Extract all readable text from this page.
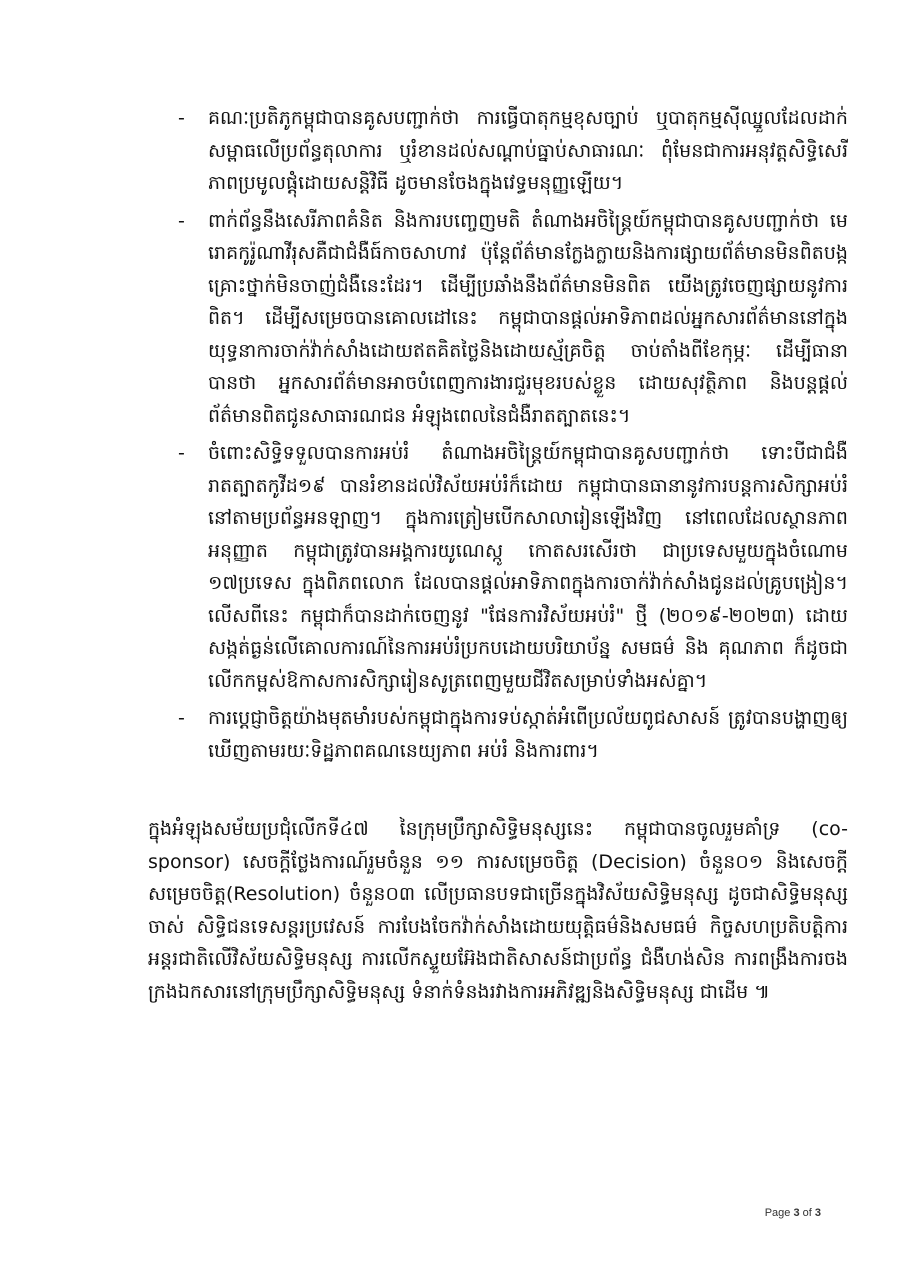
-	គណៈប្រតិភូកម្ពុជាបានគូសបញ្ជាក់ថា ការធ្វើបាតុកម្មខុសច្បាប់ ឬបាតុកម្មស៊ីឈ្នួលដែលដាក់សម្ពាធលើប្រព័ន្ធតុលាការ ឬរំខានដល់សណ្តាប់ធ្នាប់សាធារណៈ ពុំមែនជាការអនុវត្តសិទ្ធិសេរីភាពប្រមូលផ្តុំដោយសន្តិវិធី ដូចមានចែងក្នុងវេទ្ធមនុញ្ញឡើយ។
-	ពាក់ព័ន្ធនឹងសេរីភាពគំនិត និងការបញ្ចេញមតិ តំណាងអចិន្ត្រៃយ៍កម្ពុជាបានគូសបញ្ជាក់ថា មេរោគកូរ៉ូណាវីរុសគឺជាជំងឺធ៍កាចសាហាវ ប៉ុន្តែព័ត៌មានក្លែងក្លាយនិងការផ្សាយព័ត៌មានមិនពិតបង្កគ្រោះថ្នាក់មិនចាញ់ជំងឺនេះដែរ។ ដើម្បីប្រឆាំងនឹងព័ត៌មានមិនពិត យើងត្រូវចេញផ្សាយនូវការពិត។ ដើម្បីសម្រេចបានគោលដៅនេះ កម្ពុជាបានផ្តល់អាទិភាពដល់អ្នកសារព័ត៌មាននៅក្នុងយុទ្ធនាការចាក់វ៉ាក់សាំងដោយឥតគិតថ្លៃនិងដោយស្ម័គ្រចិត្ត ចាប់តាំងពីខែកុម្ភៈ ដើម្បីធានាបានថា អ្នកសារព័ត៌មានអាចបំពេញការងារជួរមុខរបស់ខ្លួន ដោយសុវត្ថិភាព និងបន្តផ្តល់ព័ត៌មានពិតជូនសាធារណជន អំឡុងពេលនៃជំងឺរាតត្បាតនេះ។
-	ចំពោះសិទ្ធិទទួលបានការអប់រំ តំណាងអចិន្ត្រៃយ៍កម្ពុជាបានគូសបញ្ជាក់ថា ទោះបីជាជំងឺរាតត្បាតកូវីដ១៩ បានរំខានដល់វិស័យអប់រំក៏ដោយ កម្ពុជាបានធានានូវការបន្តការសិក្សាអប់រំនៅតាមប្រព័ន្ធអនឡាញ។ ក្នុងការត្រៀមបើកសាលារៀនឡើងវិញ នៅពេលដែលស្ថានភាពអនុញ្ញាត កម្ពុជាត្រូវបានអង្គការយូណេស្កូ កោតសរសើរថា ជាប្រទេសមួយក្នុងចំណោម ១៧ប្រទេស ក្នុងពិភពលោក ដែលបានផ្តល់អាទិភាពក្នុងការចាក់វ៉ាក់សាំងជូនដល់គ្រូបង្រៀន។ លើសពីនេះ កម្ពុជាក៏បានដាក់ចេញនូវ "ផែនការវិស័យអប់រំ" ថ្មី (២០១៩-២០២៣) ដោយសង្កត់ធ្ងន់លើគោលការណ៍នៃការអប់រំប្រកបដោយបរិយាប័ន្ន សមធម៌ និង គុណភាព ក៏ដូចជាលើកកម្ពស់ឱកាសការសិក្សារៀនសូត្រពេញមួយជីវិតសម្រាប់ទាំងអស់គ្នា។
-	ការប្តេជ្ញាចិត្តយ៉ាងមុតមាំរបស់កម្ពុជាក្នុងការទប់ស្កាត់អំពើប្រល័យពូជសាសន៍ ត្រូវបានបង្ហាញឲ្យឃើញតាមរយៈទិដ្ឋភាពគណនេយ្យភាព អប់រំ និងការពារ។

ក្នុងអំឡុងសម័យប្រជុំលើកទី៤៧ នៃក្រុមប្រឹក្សាសិទ្ធិមនុស្សនេះ កម្ពុជាបានចូលរួមគាំទ្រ (co-sponsor) សេចក្តីថ្លែងការណ៍រួមចំនួន ១១ ការសម្រេចចិត្ត (Decision) ចំនួន០១ និងសេចក្តីសម្រេចចិត្ត(Resolution) ចំនួន០៣ លើប្រធានបទជាច្រើនក្នុងវិស័យសិទ្ធិមនុស្ស ដូចជាសិទ្ធិមនុស្សចាស់ សិទ្ធិជនទេសន្តរប្រវេសន៍ ការបែងចែកវ៉ាក់សាំងដោយយុត្តិធម៌និងសមធម៌ កិច្ចសហប្រតិបត្តិការអន្តរជាតិលើវិស័យសិទ្ធិមនុស្ស ការលើកស្ទួយអ៊ែងជាតិសាសន៍ជាប្រព័ន្ធ ជំងឺហង់សិន ការពង្រឹងការចងក្រងឯកសារនៅក្រុមប្រឹក្សាសិទ្ធិមនុស្ស ទំនាក់ទំនងរវាងការអភិវឌ្ឍនិងសិទ្ធិមនុស្ស ជាដើម ៕

Page 3 of 3
